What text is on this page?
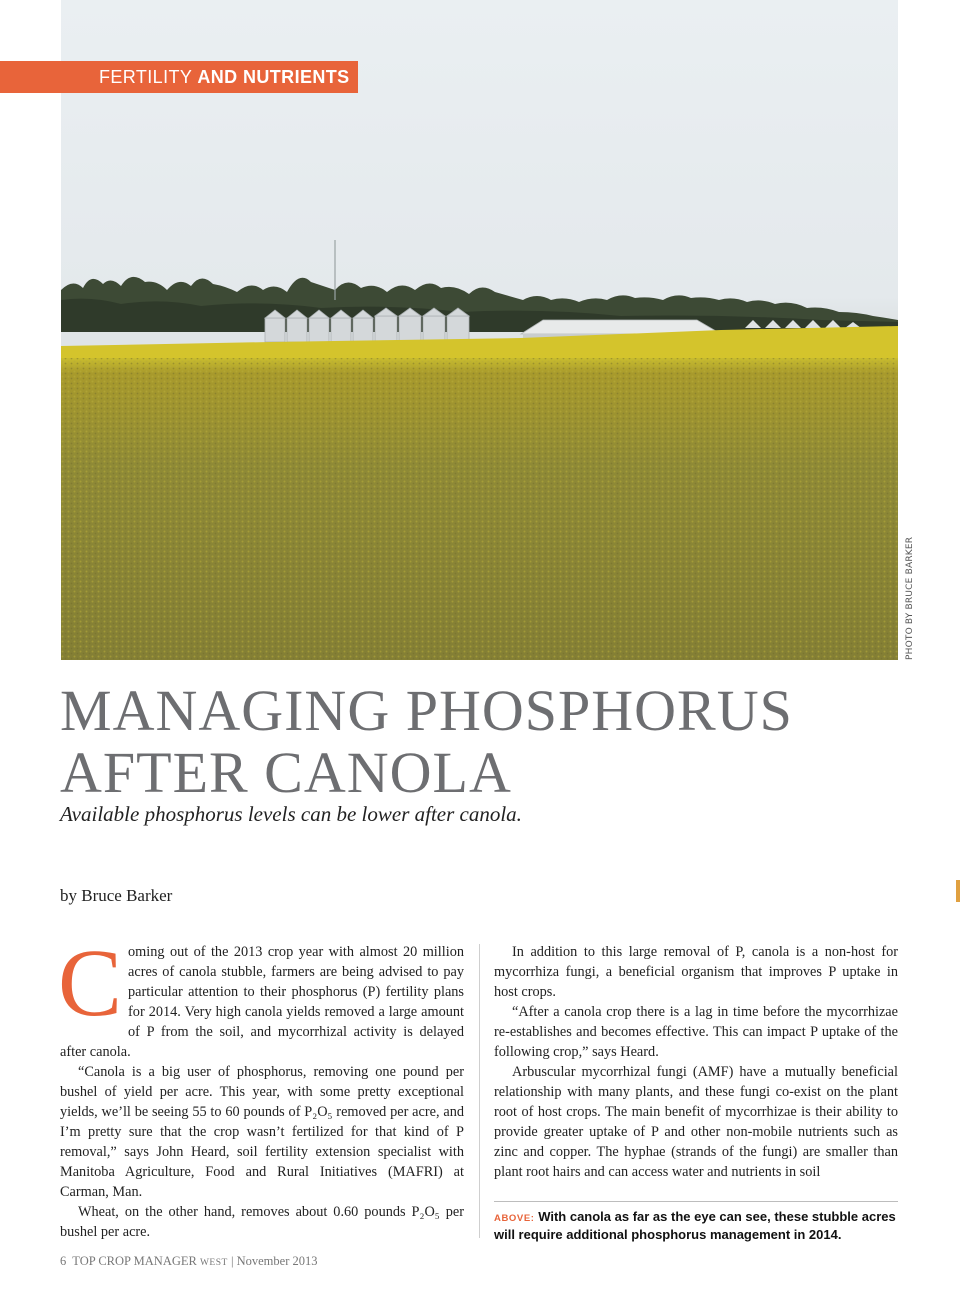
PHOTO BY BRUCE BARKER
FERTILITY AND NUTRIENTS
MANAGING PHOSPHORUS
AFTER CANOLA

Available phosphorus levels can be lower after canola.

by Bruce Barker

Coming out of the 2013 crop year with almost 20 million acres of canola stubble, farmers are being advised to pay particular attention to their phosphorus (P) fertility plans for 2014. Very high canola yields removed a large amount of P from the soil, and mycorrhizal activity is delayed after canola.

“Canola is a big user of phosphorus, removing one pound per bushel of yield per acre. This year, with some pretty exceptional yields, we’ll be seeing 55 to 60 pounds of P₂O₅ removed per acre, and I’m pretty sure that the crop wasn’t fertilized for that kind of P removal,” says John Heard, soil fertility extension specialist with Manitoba Agriculture, Food and Rural Initiatives (MAFRI) at Carman, Man.

Wheat, on the other hand, removes about 0.60 pounds P₂O₅ per bushel per acre.

In addition to this large removal of P, canola is a non-host for mycorrhiza fungi, a beneficial organism that improves P uptake in host crops.

“After a canola crop there is a lag in time before the mycorrhizae re-establishes and becomes effective. This can impact P uptake of the following crop,” says Heard.

Arbuscular mycorrhizal fungi (AMF) have a mutually beneficial relationship with many plants, and these fungi co-exist on the plant root of host crops. The main benefit of mycorrhizae is their ability to provide greater uptake of P and other non-mobile nutrients such as zinc and copper. The hyphae (strands of the fungi) are smaller than plant root hairs and can access water and nutrients in soil

ABOVE: With canola as far as the eye can see, these stubble acres will require additional phosphorus management in 2014.
6 TOP CROP MANAGER WEST | November 2013
